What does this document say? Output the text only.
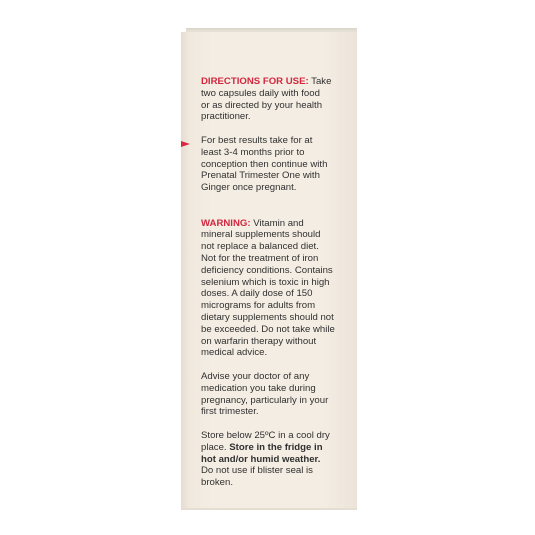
DIRECTIONS FOR USE: Take
two capsules daily with food
or as directed by your health
practitioner.

For best results take for at
least 3-4 months prior to
conception then continue with
Prenatal Trimester One with
Ginger once pregnant.

WARNING: Vitamin and
mineral supplements should
not replace a balanced diet.
Not for the treatment of iron
deficiency conditions. Contains
selenium which is toxic in high
doses. A daily dose of 150
micrograms for adults from
dietary supplements should not
be exceeded. Do not take while
on warfarin therapy without
medical advice.

Advise your doctor of any
medication you take during
pregnancy, particularly in your
first trimester.

Store below 25ºC in a cool dry
place. Store in the fridge in
hot and/or humid weather.
Do not use if blister seal is
broken.
